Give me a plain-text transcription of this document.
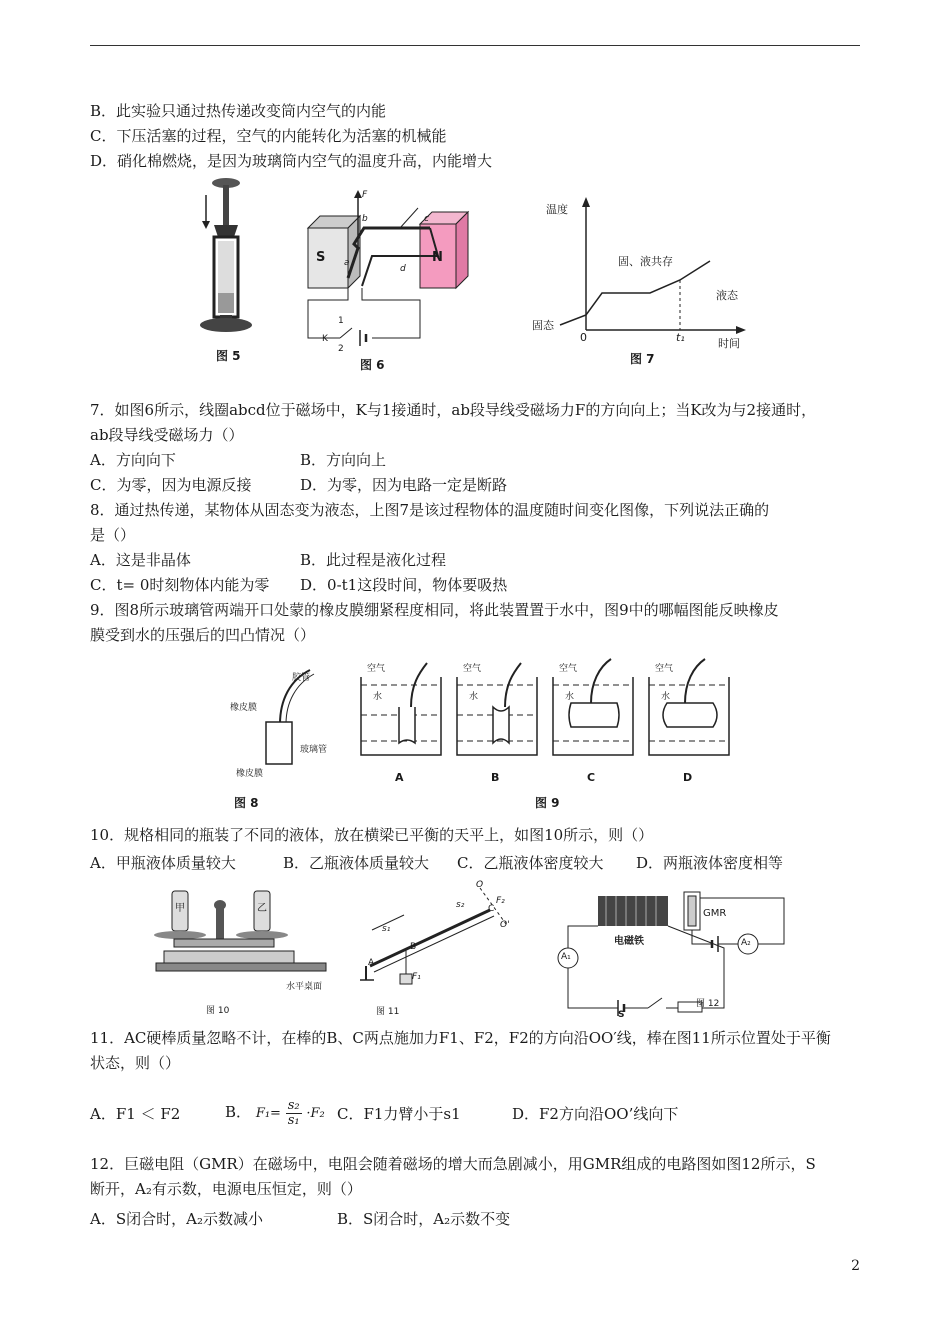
B．此实验只通过热传递改变筒内空气的内能
C．下压活塞的过程，空气的内能转化为活塞的机械能
D．硝化棉燃烧，是因为玻璃筒内空气的温度升高，内能增大
图 5
S	N
a
b	c
d
F
K
1
2
图 6
温度
时间
固态
固、液共存
液态
0	t₁
图 7
7．如图6所示，线圈abcd位于磁场中，K与1接通时，ab段导线受磁场力F的方向向上；当K改为与2接通时，
ab段导线受磁场力（）
A．方向向下	B．方向向上
C．为零，因为电源反接	D．为零，因为电路一定是断路
8．通过热传递，某物体从固态变为液态，上图7是该过程物体的温度随时间变化图像，下列说法正确的
是（）
A．这是非晶体	B．此过程是液化过程
C．t= 0时刻物体内能为零 D．0-t1这段时间，物体要吸热
9．图8所示玻璃管两端开口处蒙的橡皮膜绷紧程度相同，将此装置置于水中，图9中的哪幅图能反映橡皮
膜受到水的压强后的凹凸情况（）
胶管
橡皮膜
玻璃管
橡皮膜
图 8
空气
水
空气
水
空气
水
空气
水
A	B	C	D
图 9
10．规格相同的瓶装了不同的液体，放在横梁已平衡的天平上，如图10所示，则（）
A．甲瓶液体质量较大	B．乙瓶液体质量较大 C．乙瓶液体密度较大 D．两瓶液体密度相等
甲	乙
水平桌面
图 10
A
B
C
O
O'
F₁
F₂
s₁
s₂
图 11
GMR
电磁铁
A₁
A₂
S
图 12
11．AC硬棒质量忽略不计，在棒的B、C两点施加力F1、F2，F2的方向沿OO′线，棒在图11所示位置处于平衡
状态，则（）
A．F1 ＜ F2	B． $F_1= \frac{\text{s₂}}{\text{s₁}} \cdot F_2$ C．F1力臂小于s1	D．F2方向沿OO’线向下
12．巨磁电阻（GMR）在磁场中，电阻会随着磁场的增大而急剧减小，用GMR组成的电路图如图12所示，S
断开，A₂有示数，电源电压恒定，则（）
A．S闭合时，A₂示数减小	B．S闭合时，A₂示数不变
2
